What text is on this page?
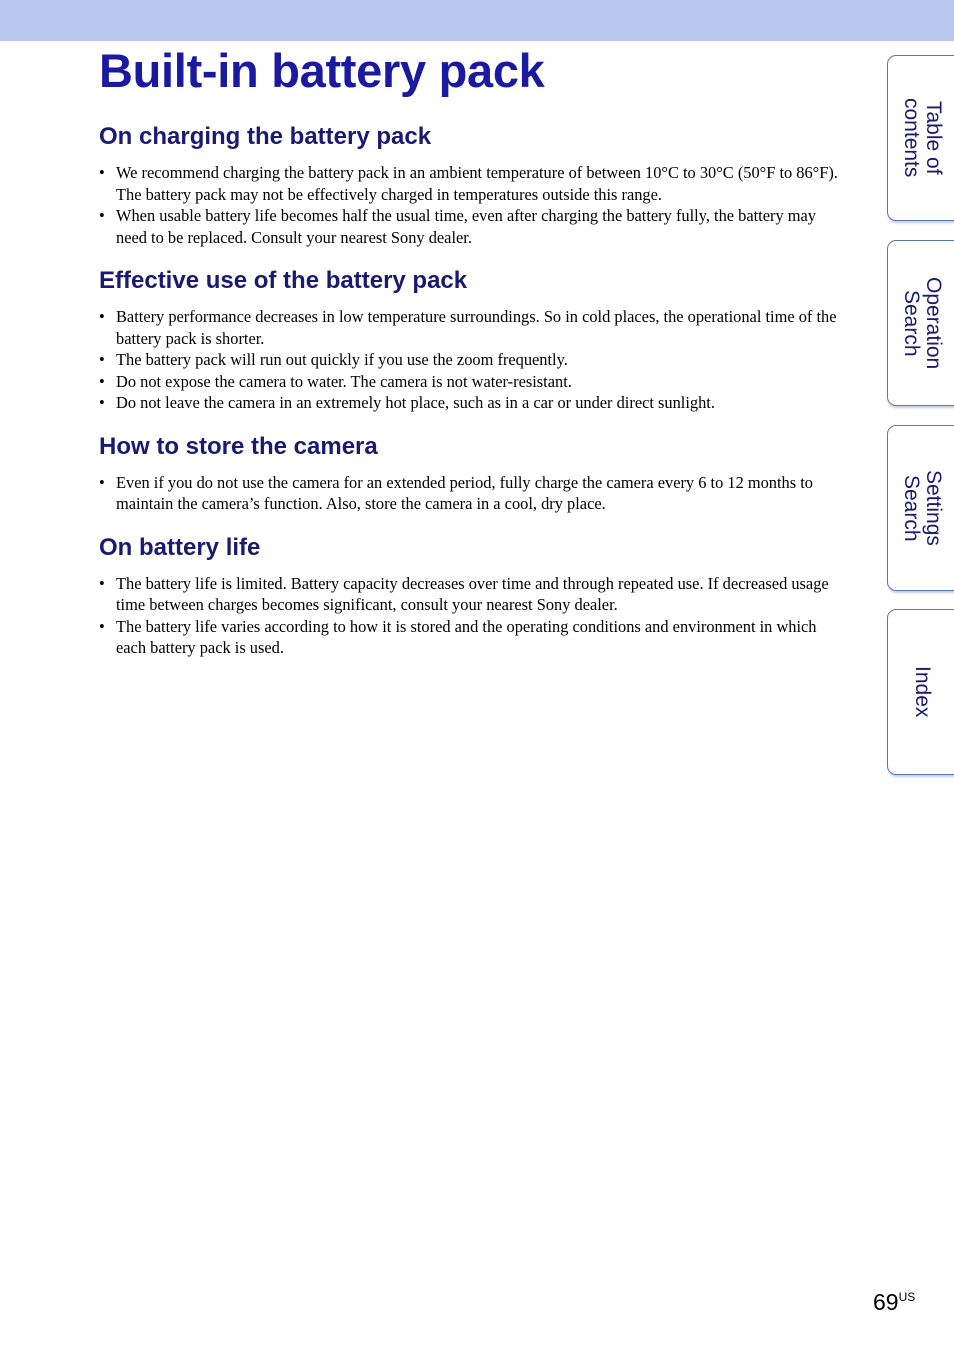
Built-in battery pack
On charging the battery pack
• We recommend charging the battery pack in an ambient temperature of between 10°C to 30°C (50°F to 86°F). The battery pack may not be effectively charged in temperatures outside this range.
• When usable battery life becomes half the usual time, even after charging the battery fully, the battery may need to be replaced. Consult your nearest Sony dealer.
Effective use of the battery pack
• Battery performance decreases in low temperature surroundings. So in cold places, the operational time of the battery pack is shorter.
• The battery pack will run out quickly if you use the zoom frequently.
• Do not expose the camera to water. The camera is not water-resistant.
• Do not leave the camera in an extremely hot place, such as in a car or under direct sunlight.
How to store the camera
• Even if you do not use the camera for an extended period, fully charge the camera every 6 to 12 months to maintain the camera’s function. Also, store the camera in a cool, dry place.
On battery life
• The battery life is limited. Battery capacity decreases over time and through repeated use. If decreased usage time between charges becomes significant, consult your nearest Sony dealer.
• The battery life varies according to how it is stored and the operating conditions and environment in which each battery pack is used.
Table of
contents
Operation
Search
Settings
Search
Index
$69^{US}$
